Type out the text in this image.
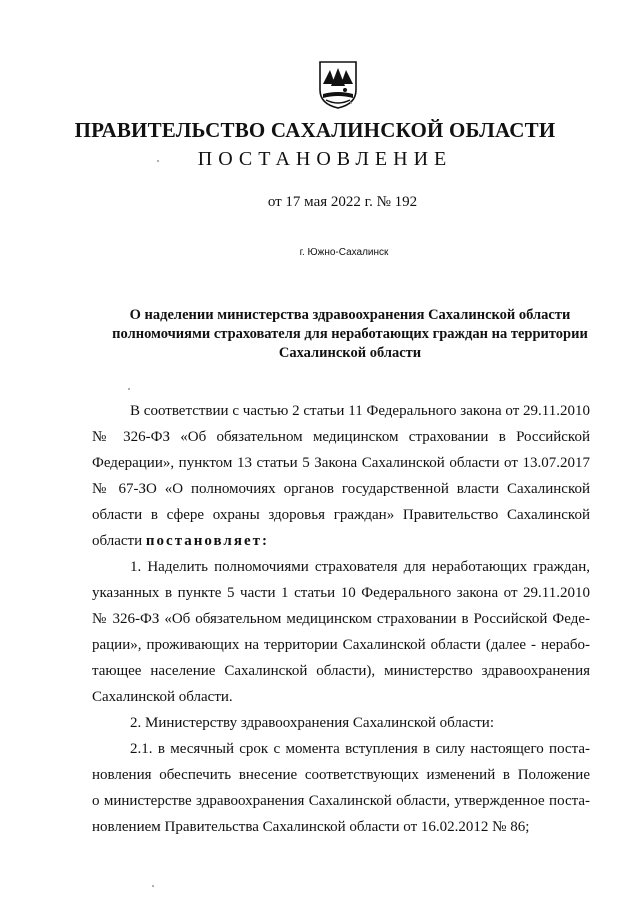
ПРАВИТЕЛЬСТВО САХАЛИНСКОЙ ОБЛАСТИ
ПОСТАНОВЛЕНИЕ
от 17 мая 2022 г. № 192
г. Южно-Сахалинск
О наделении министерства здравоохранения Сахалинской области
полномочиями страхователя для неработающих граждан на территории
Сахалинской области
В соответствии с частью 2 статьи 11 Федерального закона от 29.11.2010
№ 326-ФЗ «Об обязательном медицинском страховании в Российской
Федерации», пунктом 13 статьи 5 Закона Сахалинской области от 13.07.2017
№ 67-ЗО «О полномочиях органов государственной власти Сахалинской
области в сфере охраны здоровья граждан» Правительство Сахалинской
области постановляет:
1. Наделить полномочиями страхователя для неработающих граждан,
указанных в пункте 5 части 1 статьи 10 Федерального закона от 29.11.2010
№ 326-ФЗ «Об обязательном медицинском страховании в Российской Феде-
рации», проживающих на территории Сахалинской области (далее - нерабо-
тающее население Сахалинской области), министерство здравоохранения
Сахалинской области.
2. Министерству здравоохранения Сахалинской области:
2.1. в месячный срок с момента вступления в силу настоящего поста-
новления обеспечить внесение соответствующих изменений в Положение
о министерстве здравоохранения Сахалинской области, утвержденное поста-
новлением Правительства Сахалинской области от 16.02.2012 № 86;
